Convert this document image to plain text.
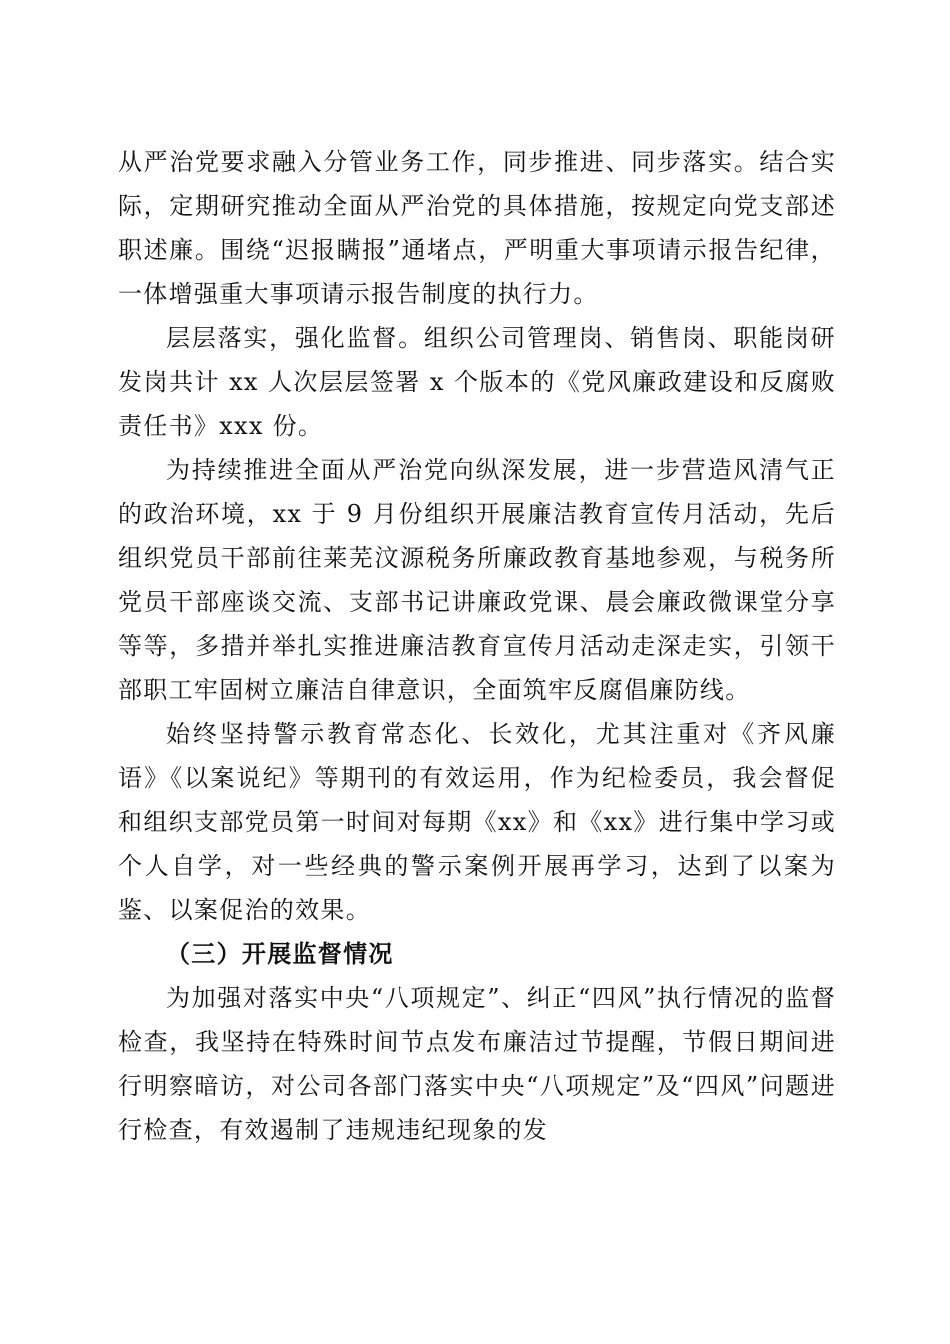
从严治党要求融入分管业务工作，同步推进、同步落实。结合实际，定期研究推动全面从严治党的具体措施，按规定向党支部述职述廉。围绕“迟报瞒报”通堵点，严明重大事项请示报告纪律，一体增强重大事项请示报告制度的执行力。

层层落实，强化监督。组织公司管理岗、销售岗、职能岗研发岗共计 xx 人次层层签署 x 个版本的《党风廉政建设和反腐败责任书》xxx 份。

为持续推进全面从严治党向纵深发展，进一步营造风清气正的政治环境，xx 于 9 月份组织开展廉洁教育宣传月活动，先后组织党员干部前往莱芜汶源税务所廉政教育基地参观，与税务所党员干部座谈交流、支部书记讲廉政党课、晨会廉政微课堂分享等等，多措并举扎实推进廉洁教育宣传月活动走深走实，引领干部职工牢固树立廉洁自律意识，全面筑牢反腐倡廉防线。

始终坚持警示教育常态化、长效化，尤其注重对《齐风廉语》《以案说纪》等期刊的有效运用，作为纪检委员，我会督促和组织支部党员第一时间对每期《xx》和《xx》进行集中学习或个人自学，对一些经典的警示案例开展再学习，达到了以案为鉴、以案促治的效果。

（三）开展监督情况

为加强对落实中央“八项规定”、纠正“四风”执行情况的监督检查，我坚持在特殊时间节点发布廉洁过节提醒，节假日期间进行明察暗访，对公司各部门落实中央“八项规定”及“四风”问题进行检查，有效遏制了违规违纪现象的发
